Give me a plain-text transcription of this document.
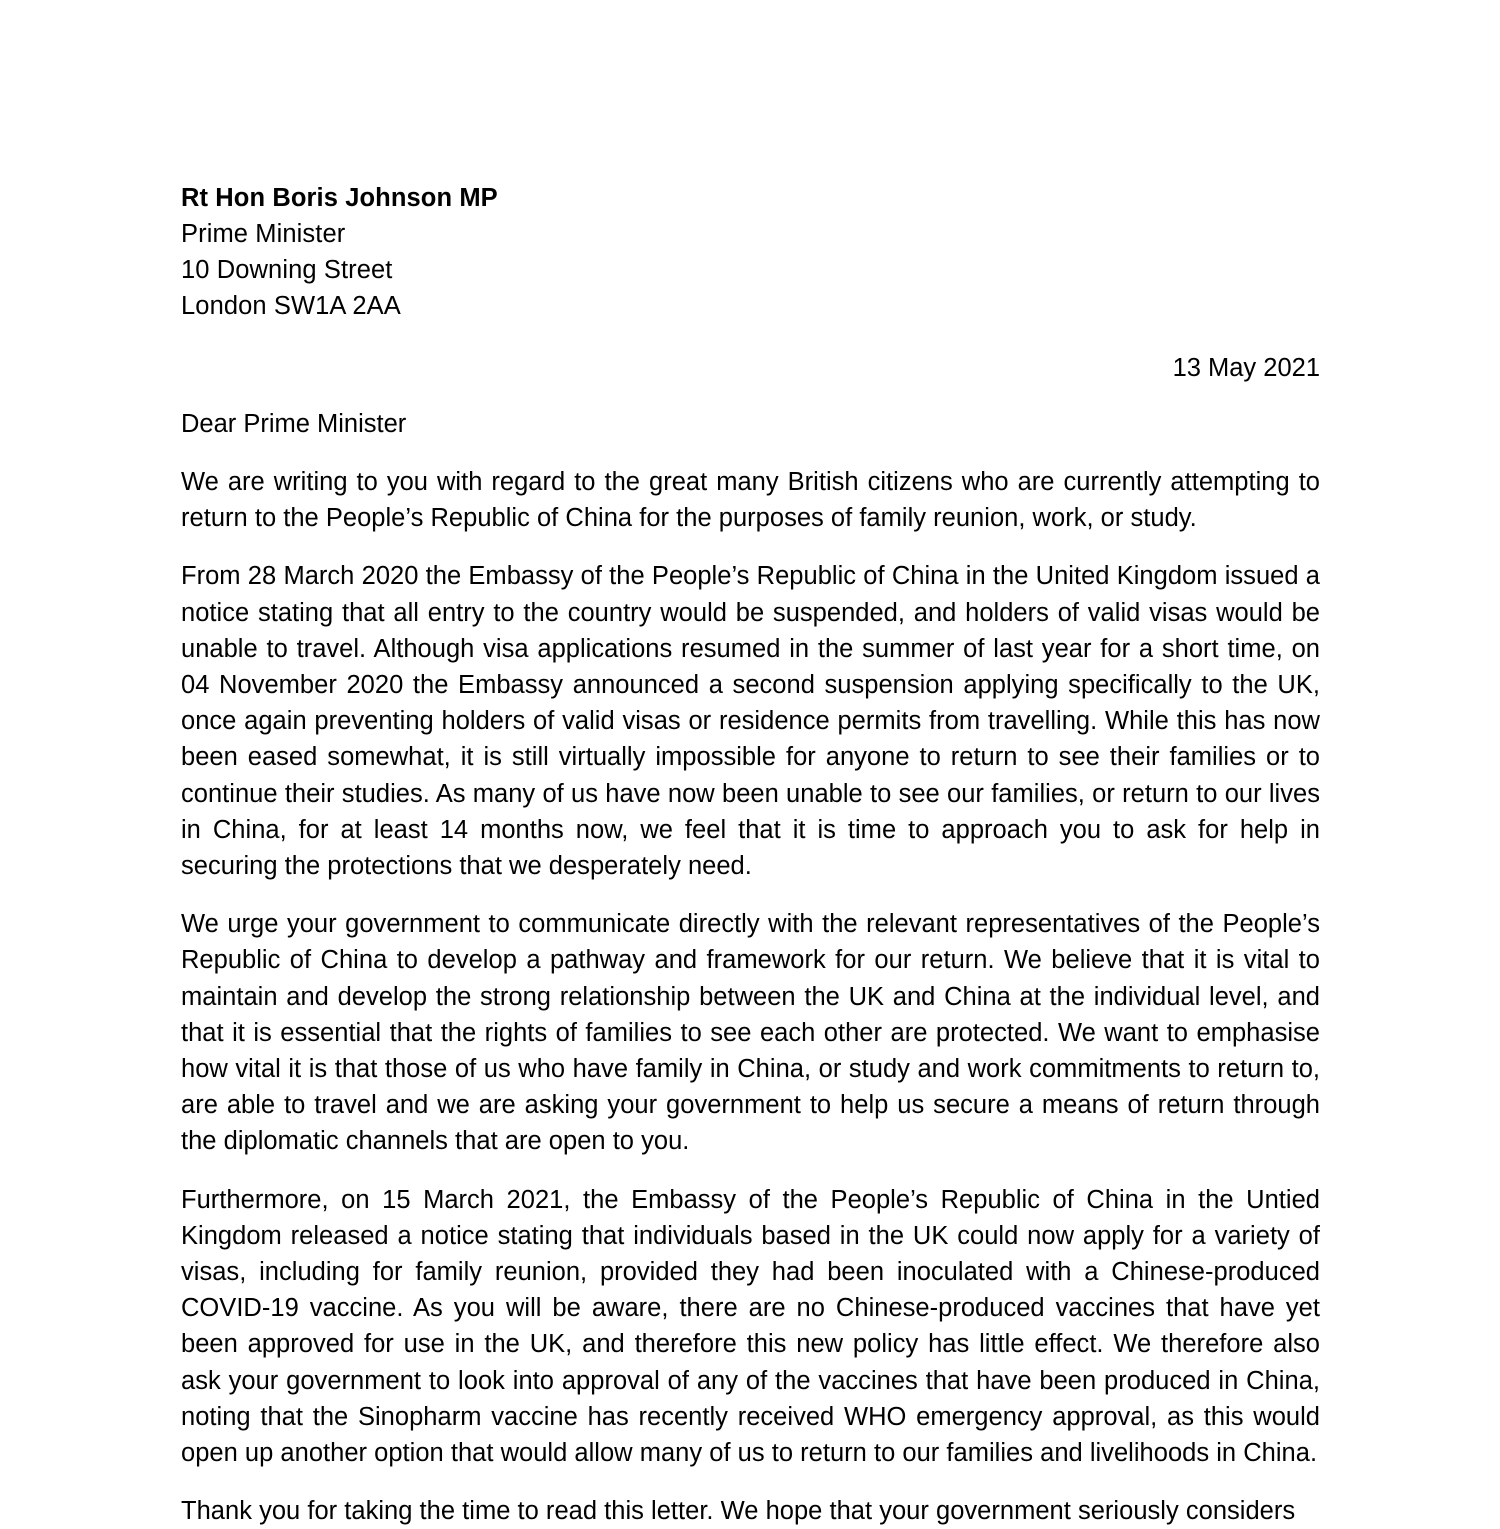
Rt Hon Boris Johnson MP
Prime Minister
10 Downing Street
London SW1A 2AA
13 May 2021
Dear Prime Minister
We are writing to you with regard to the great many British citizens who are currently attempting to return to the People’s Republic of China for the purposes of family reunion, work, or study.
From 28 March 2020 the Embassy of the People’s Republic of China in the United Kingdom issued a notice stating that all entry to the country would be suspended, and holders of valid visas would be unable to travel. Although visa applications resumed in the summer of last year for a short time, on 04 November 2020 the Embassy announced a second suspension applying specifically to the UK, once again preventing holders of valid visas or residence permits from travelling. While this has now been eased somewhat, it is still virtually impossible for anyone to return to see their families or to continue their studies. As many of us have now been unable to see our families, or return to our lives in China, for at least 14 months now, we feel that it is time to approach you to ask for help in securing the protections that we desperately need.
We urge your government to communicate directly with the relevant representatives of the People’s Republic of China to develop a pathway and framework for our return. We believe that it is vital to maintain and develop the strong relationship between the UK and China at the individual level, and that it is essential that the rights of families to see each other are protected. We want to emphasise how vital it is that those of us who have family in China, or study and work commitments to return to, are able to travel and we are asking your government to help us secure a means of return through the diplomatic channels that are open to you.
Furthermore, on 15 March 2021, the Embassy of the People’s Republic of China in the Untied Kingdom released a notice stating that individuals based in the UK could now apply for a variety of visas, including for family reunion, provided they had been inoculated with a Chinese-produced COVID-19 vaccine. As you will be aware, there are no Chinese-produced vaccines that have yet been approved for use in the UK, and therefore this new policy has little effect. We therefore also ask your government to look into approval of any of the vaccines that have been produced in China, noting that the Sinopharm vaccine has recently received WHO emergency approval, as this would open up another option that would allow many of us to return to our families and livelihoods in China.
Thank you for taking the time to read this letter. We hope that your government seriously considers
